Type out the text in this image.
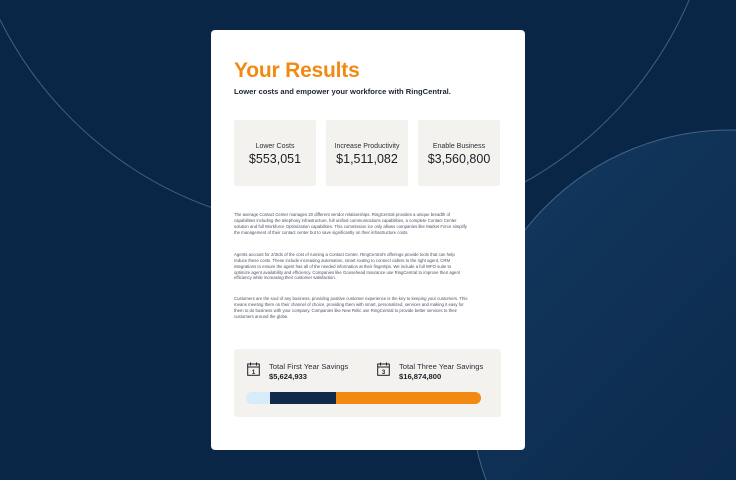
Your Results
Lower costs and empower your workforce with RingCentral.
Lower Costs
$553,051
Increase Productivity
$1,511,082
Enable Business
$3,560,800
The average Contact Center manages 20 different vendor relationships. RingCentral provides a unique breadth of capabilities including the telephony infrastructure, full unified communications capabilities, a complete Contact Center solution and full Workforce Optimization capabilities. This commission ice only allows companies like Market Force simplify the management of their contact center but to save significantly on their infrastructure costs.
Agents account for 2/3rds of the cost of running a Contact Center. RingCentral's offerings provide tools that can help reduce these costs. These include increasing automation, smart routing to connect callers to the right agent, CRM integrations to ensure the agent has all of the needed information at their fingertips. We include a full WFO suite to optimize agent availability and efficiency. Companies like Goosehead Insurance use RingCentral to improve their agent efficiency while increasing their customer satisfaction.
Customers are the soul of any business, providing positive customer experience is the key to keeping your customers. This means meeting them on their channel of choice, providing them with smart, personalized, services and making it easy for them to do business with your company. Companies like New Relic use RingCentral to provide better services to their customers around the globe.
1
Total First Year Savings
$5,624,933	3
Total Three Year Savings
$16,874,800
